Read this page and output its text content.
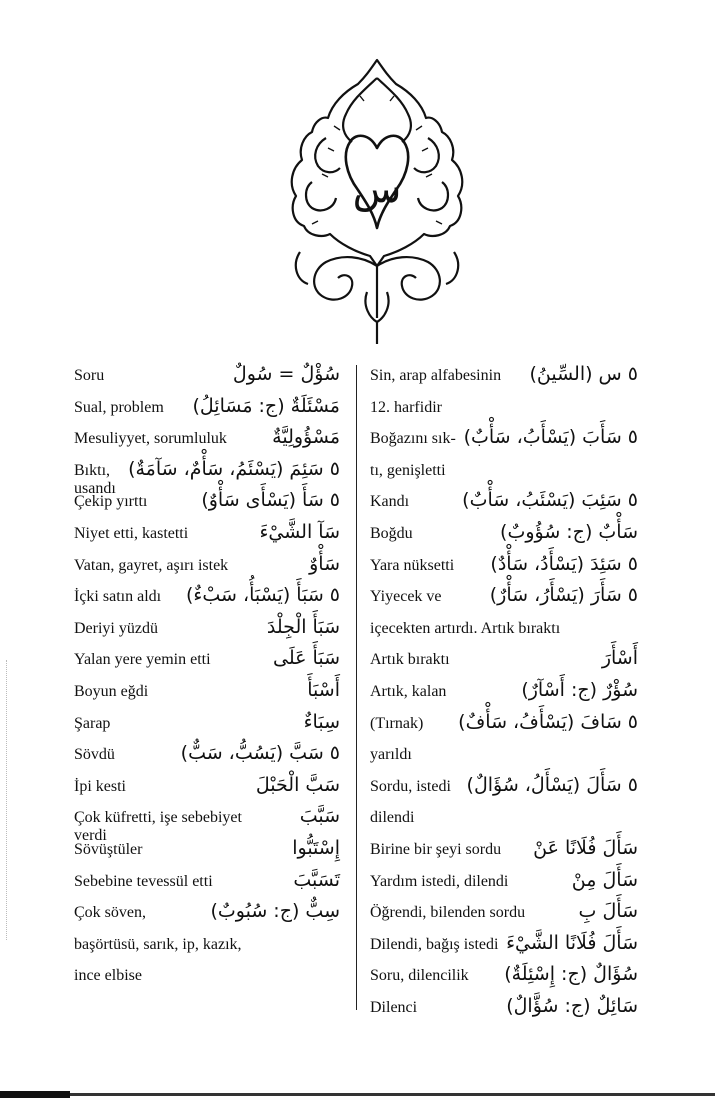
س
Soru	سُؤْلٌ = سُولٌ
Sual, problem مَسْئَلَةٌ (ج: مَسَائِلُ)
Mesuliyyet, sorumluluk مَسْؤُولِيَّةٌ
Bıktı,
usandı
٥ سَئِمَ (يَسْئَمُ، سَأْمٌ، سَآمَةٌ)
Çekip yırttı	٥ سَأَ (يَسْأَى سَأْوٌ)
Niyet etti, kastetti	سَآ الشَّيْءَ
Vatan, gayret, aşırı istek	سَأْوٌ
İçki satın aldı ٥ سَبَأَ (يَسْبَأُ، سَبْءٌ)
Deriyi yüzdü	سَبَأَ الْجِلْدَ
Yalan yere yemin etti	سَبَأَ عَلَى
Boyun eğdi	أَسْبَأَ
Şarap	سِبَاءٌ
Sövdü	٥ سَبَّ (يَسُبُّ، سَبٌّ)
İpi kesti	سَبَّ الْحَبْلَ
Çok küfretti, işe sebebiyet
verdi
سَبَّبَ
Sövüştüler	إِسْتَبُّوا
Sebebine tevessül etti	تَسَبَّبَ
Çok söven,	سِبٌّ (ج: سُبُوبٌ)
başörtüsü, sarık, ip, kazık,
ince elbise
Sin, arap alfabesinin ٥ س (السِّينُ)
12. harfidir
Boğazını sık- ٥ سَأَبَ (يَسْأَبُ، سَأْبٌ)
tı, genişletti
Kandı	٥ سَئِبَ (يَسْئَبُ، سَأْبٌ)
Boğdu	سَأْبٌ (ج: سُؤُوبٌ)
Yara nüksetti ٥ سَئِدَ (يَسْأَدُ، سَأْدٌ)
Yiyecek ve	٥ سَأَرَ (يَسْأَرُ، سَأْرٌ)
içecekten artırdı. Artık bıraktı
Artık bıraktı	أَسْأَرَ
Artık, kalan	سُؤْرٌ (ج: أَسْآرٌ)
(Tırnak) ٥ سَافَ (يَسْأَفُ، سَأْفٌ)
yarıldı
Sordu, istedi ٥ سَأَلَ (يَسْأَلُ، سُؤَالٌ)
dilendi
Birine bir şeyi sordu سَأَلَ فُلَانًا عَنْ
Yardım istedi, dilendi	سَأَلَ مِنْ
Öğrendi, bilenden sordu	سَأَلَ بِ
Dilendi, bağış istedi سَأَلَ فُلَانًا الشَّيْءَ
Soru, dilencilik سُؤَالٌ (ج: إِسْئِلَةٌ)
Dilenci	سَائِلٌ (ج: سُؤَّالٌ)
